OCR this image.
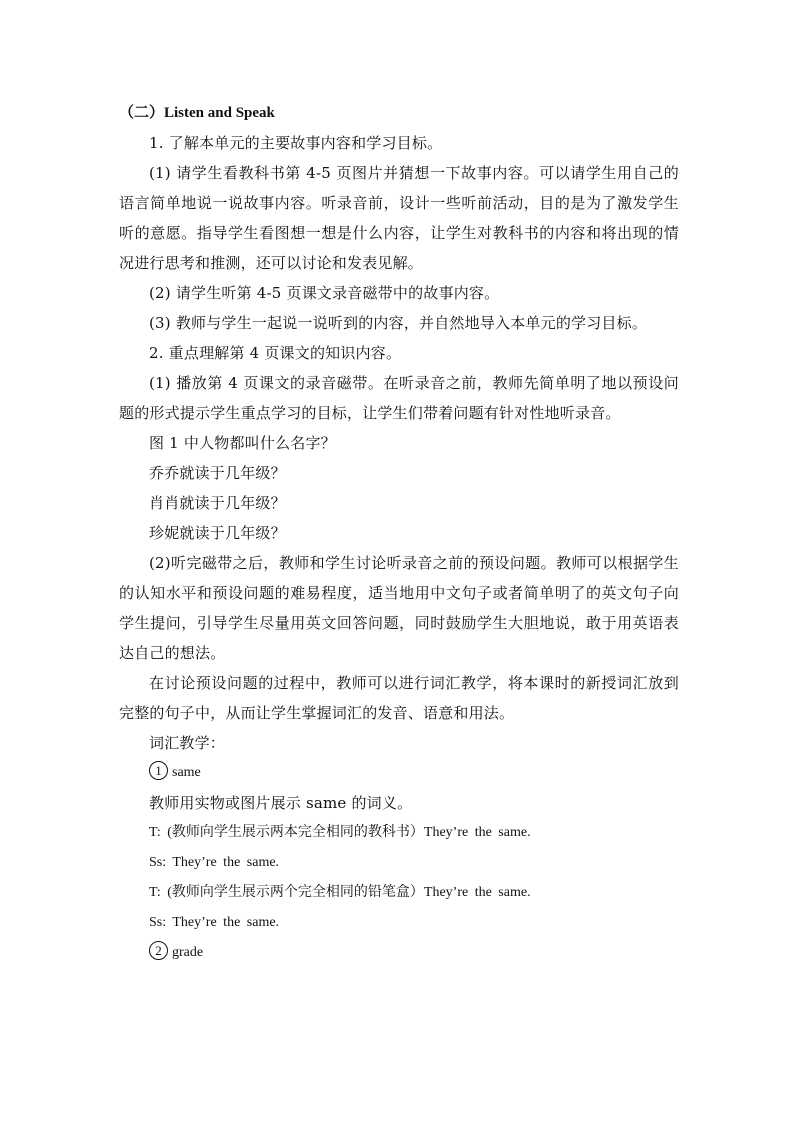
（二）Listen and Speak

1. 了解本单元的主要故事内容和学习目标。

(1) 请学生看教科书第 4-5 页图片并猜想一下故事内容。可以请学生用自己的语言简单地说一说故事内容。听录音前，设计一些听前活动，目的是为了激发学生听的意愿。指导学生看图想一想是什么内容，让学生对教科书的内容和将出现的情况进行思考和推测，还可以讨论和发表见解。

(2) 请学生听第 4-5 页课文录音磁带中的故事内容。

(3) 教师与学生一起说一说听到的内容，并自然地导入本单元的学习目标。

2. 重点理解第 4 页课文的知识内容。

(1) 播放第 4 页课文的录音磁带。在听录音之前，教师先简单明了地以预设问题的形式提示学生重点学习的目标，让学生们带着问题有针对性地听录音。

图 1 中人物都叫什么名字？

乔乔就读于几年级？

肖肖就读于几年级？

珍妮就读于几年级？

(2)听完磁带之后，教师和学生讨论听录音之前的预设问题。教师可以根据学生的认知水平和预设问题的难易程度，适当地用中文句子或者简单明了的英文句子向学生提问，引导学生尽量用英文回答问题，同时鼓励学生大胆地说，敢于用英语表达自己的想法。

在讨论预设问题的过程中，教师可以进行词汇教学，将本课时的新授词汇放到完整的句子中，从而让学生掌握词汇的发音、语意和用法。

词汇教学：

1 same

教师用实物或图片展示 same 的词义。

T: (教师向学生展示两本完全相同的教科书）They’re the same.

Ss: They’re the same.

T: (教师向学生展示两个完全相同的铅笔盒）They’re the same.

Ss: They’re the same.

2 grade
